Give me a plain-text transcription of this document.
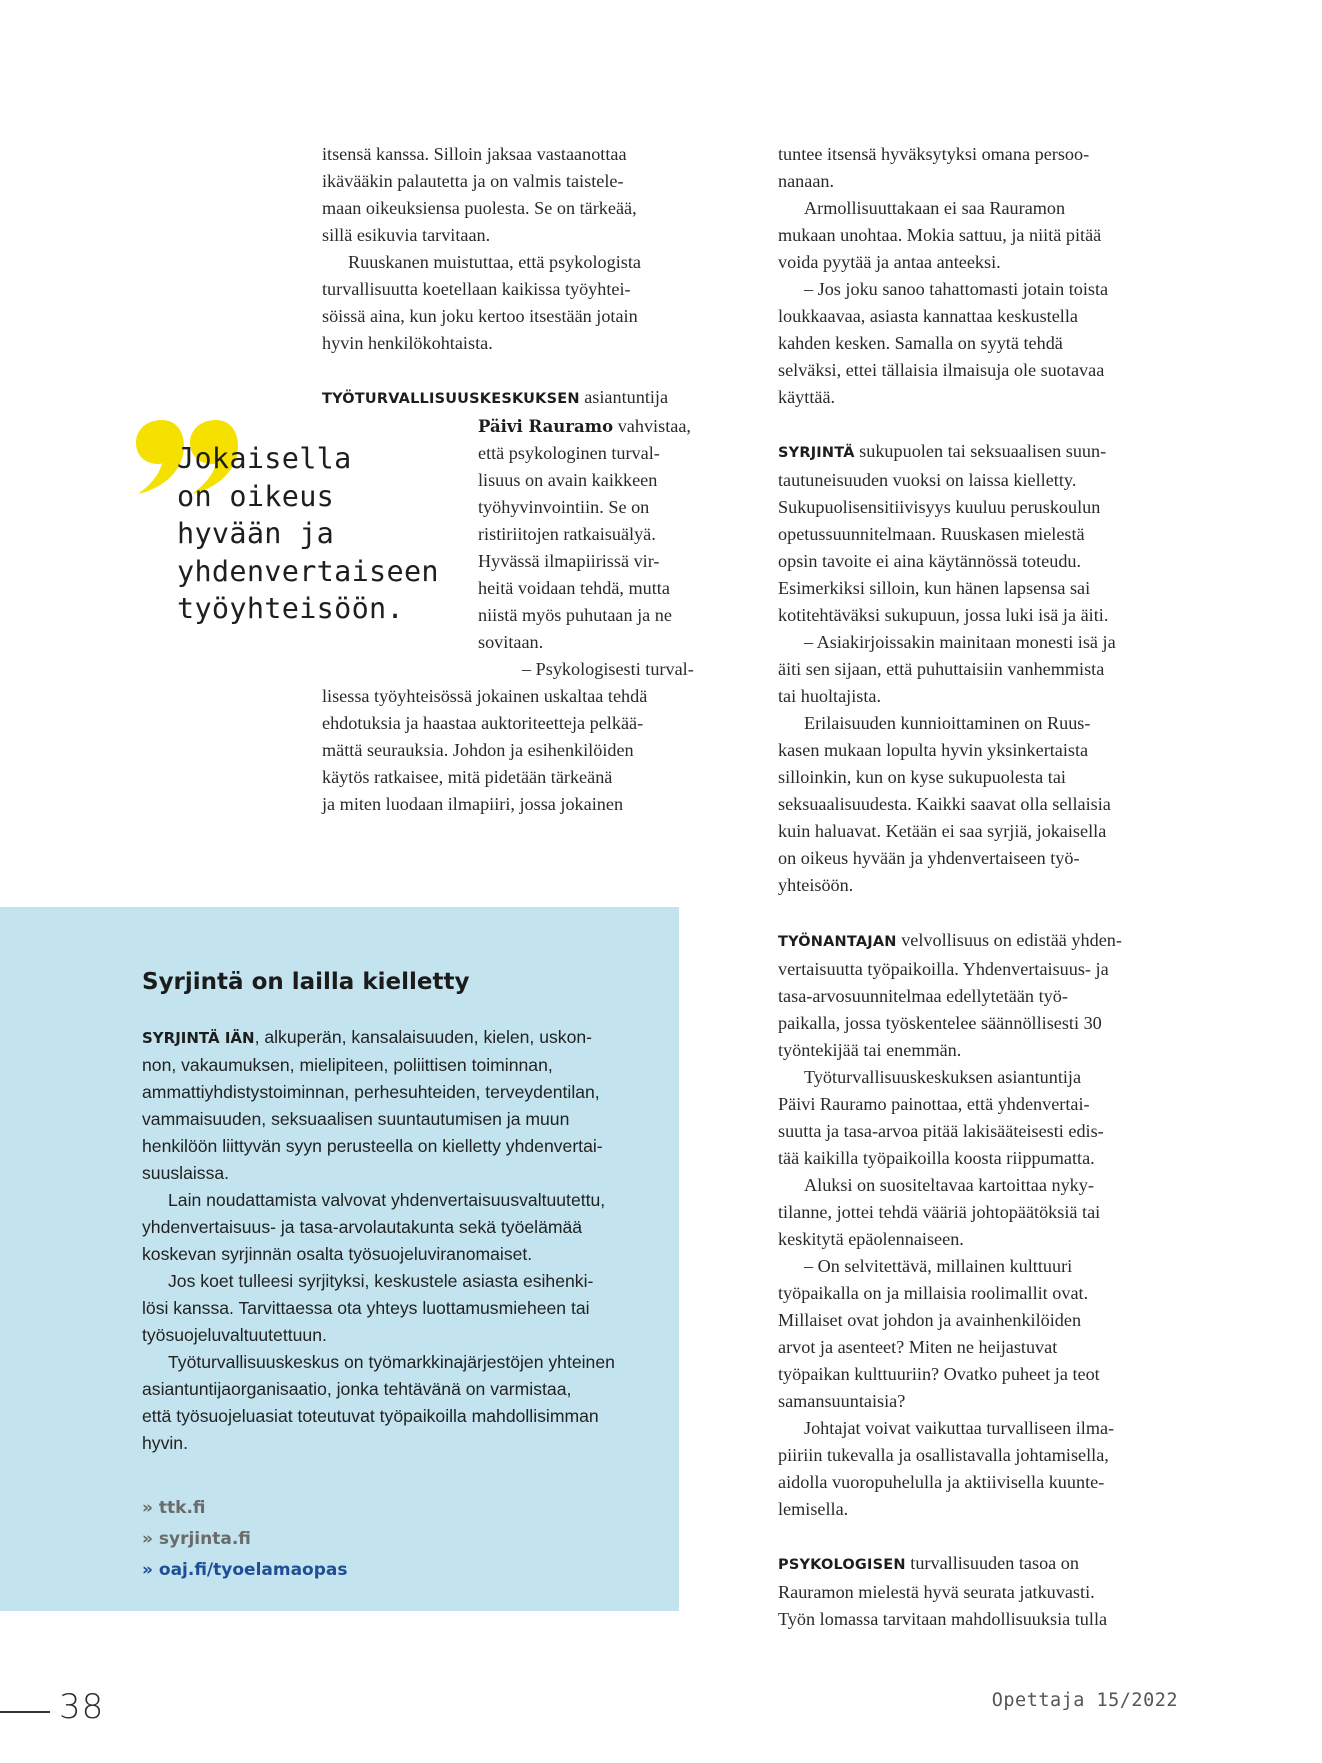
itsensä kanssa. Silloin jaksaa vastaanottaa
ikävääkin palautetta ja on valmis taistele-
maan oikeuksiensa puolesta. Se on tärkeää,
sillä esikuvia tarvitaan.
Ruuskanen muistuttaa, että psykologista
turvallisuutta koetellaan kaikissa työyhtei-
söissä aina, kun joku kertoo itsestään jotain
hyvin henkilökohtaista.
TYÖTURVALLISUUSKESKUKSEN asiantuntija
Päivi Rauramo vahvistaa,
että psykologinen turval-
lisuus on avain kaikkeen
työhyvinvointiin. Se on
ristiriitojen ratkaisuälyä.
Hyvässä ilmapiirissä vir-
heitä voidaan tehdä, mutta
niistä myös puhutaan ja ne
sovitaan.
– Psykologisesti turval-
lisessa työyhteisössä jokainen uskaltaa tehdä
ehdotuksia ja haastaa auktoriteetteja pelkää-
mättä seurauksia. Johdon ja esihenkilöiden
käytös ratkaisee, mitä pidetään tärkeänä
ja miten luodaan ilmapiiri, jossa jokainen
Jokaisella
on oikeus
hyvään ja
yhdenvertaiseen
työyhteisöön.
tuntee itsensä hyväksytyksi omana persoo-
nanaan.
Armollisuuttakaan ei saa Rauramon
mukaan unohtaa. Mokia sattuu, ja niitä pitää
voida pyytää ja antaa anteeksi.
– Jos joku sanoo tahattomasti jotain toista
loukkaavaa, asiasta kannattaa keskustella
kahden kesken. Samalla on syytä tehdä
selväksi, ettei tällaisia ilmaisuja ole suotavaa
käyttää.
SYRJINTÄ sukupuolen tai seksuaalisen suun-
tautuneisuuden vuoksi on laissa kielletty.
Sukupuolisensitiivisyys kuuluu peruskoulun
opetussuunnitelmaan. Ruuskasen mielestä
opsin tavoite ei aina käytännössä toteudu.
Esimerkiksi silloin, kun hänen lapsensa sai
kotitehtäväksi sukupuun, jossa luki isä ja äiti.
– Asiakirjoissakin mainitaan monesti isä ja
äiti sen sijaan, että puhuttaisiin vanhemmista
tai huoltajista.
Erilaisuuden kunnioittaminen on Ruus-
kasen mukaan lopulta hyvin yksinkertaista
silloinkin, kun on kyse sukupuolesta tai
seksuaalisuudesta. Kaikki saavat olla sellaisia
kuin haluavat. Ketään ei saa syrjiä, jokaisella
on oikeus hyvään ja yhdenvertaiseen työ-
yhteisöön.
TYÖNANTAJAN velvollisuus on edistää yhden-
vertaisuutta työpaikoilla. Yhdenvertaisuus- ja
tasa-arvosuunnitelmaa edellytetään työ-
paikalla, jossa työskentelee säännöllisesti 30
työntekijää tai enemmän.
Työturvallisuuskeskuksen asiantuntija
Päivi Rauramo painottaa, että yhdenvertai-
suutta ja tasa-arvoa pitää lakisääteisesti edis-
tää kaikilla työpaikoilla koosta riippumatta.
Aluksi on suositeltavaa kartoittaa nyky-
tilanne, jottei tehdä vääriä johtopäätöksiä tai
keskitytä epäolennaiseen.
– On selvitettävä, millainen kulttuuri
työpaikalla on ja millaisia roolimallit ovat.
Millaiset ovat johdon ja avainhenkilöiden
arvot ja asenteet? Miten ne heijastuvat
työpaikan kulttuuriin? Ovatko puheet ja teot
samansuuntaisia?
Johtajat voivat vaikuttaa turvalliseen ilma-
piiriin tukevalla ja osallistavalla johtamisella,
aidolla vuoropuhelulla ja aktiivisella kuunte-
lemisella.
PSYKOLOGISEN turvallisuuden tasoa on
Rauramon mielestä hyvä seurata jatkuvasti.
Työn lomassa tarvitaan mahdollisuuksia tulla
Syrjintä on lailla kielletty
SYRJINTÄ IÄN, alkuperän, kansalaisuuden, kielen, uskon-
non, vakaumuksen, mielipiteen, poliittisen toiminnan,
ammattiyhdistystoiminnan, perhesuhteiden, terveydentilan,
vammaisuuden, seksuaalisen suuntautumisen ja muun
henkilöön liittyvän syyn perusteella on kielletty yhdenvertai-
suuslaissa.
Lain noudattamista valvovat yhdenvertaisuusvaltuutettu,
yhdenvertaisuus- ja tasa-arvolautakunta sekä työelämää
koskevan syrjinnän osalta työsuojeluviranomaiset.
Jos koet tulleesi syrjityksi, keskustele asiasta esihenki-
lösi kanssa. Tarvittaessa ota yhteys luottamusmieheen tai
työsuojeluvaltuutettuun.
Työturvallisuuskeskus on työmarkkinajärjestöjen yhteinen
asiantuntijaorganisaatio, jonka tehtävänä on varmistaa,
että työsuojeluasiat toteutuvat työpaikoilla mahdollisimman
hyvin.
» ttk.fi
» syrjinta.fi
» oaj.fi/tyoelamaopas
38	Opettaja 15/2022
